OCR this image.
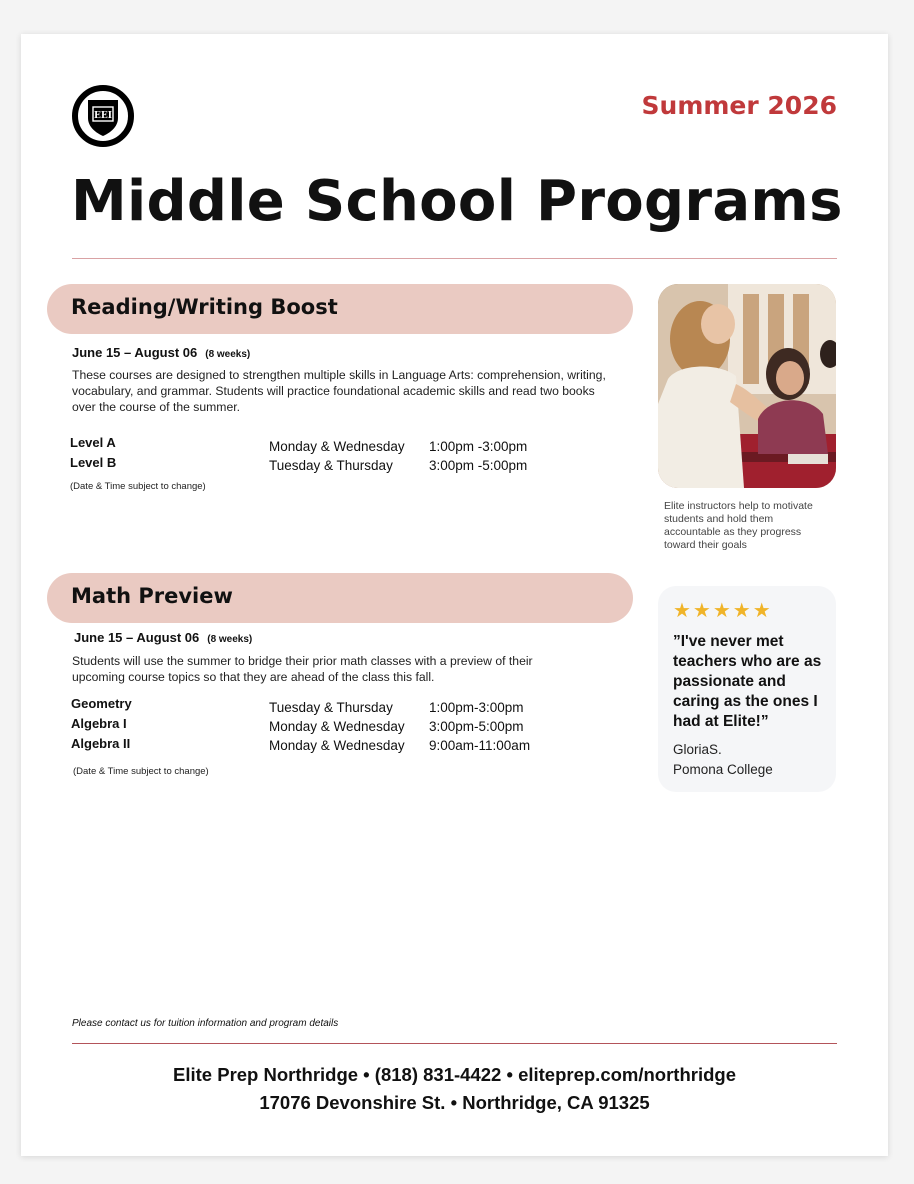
EEI	Summer 2026
Middle School Programs
Reading/Writing Boost
June 15 – August 06 (8 weeks)
These courses are designed to strengthen multiple skills in Language Arts: comprehension, writing, vocabulary, and grammar. Students will practice foundational academic skills and read two books over the course of the summer.
Level A
Level B
Monday & Wednesday
Tuesday & Thursday
1:00pm -3:00pm
3:00pm -5:00pm
(Date & Time subject to change)
Math Preview
June 15 – August 06 (8 weeks)
Students will use the summer to bridge their prior math classes with a preview of their upcoming course topics so that they are ahead of the class this fall.
Geometry
Algebra I
Algebra II
Tuesday & Thursday
Monday & Wednesday
Monday & Wednesday
1:00pm-3:00pm
3:00pm-5:00pm
9:00am-11:00am
(Date & Time subject to change)
Elite instructors help to motivate students and hold them accountable as they progress toward their goals
★★★★★
”I've never met teachers who are as passionate and caring as the ones I had at Elite!”
GloriaS.
Pomona College
Please contact us for tuition information and program details
Elite Prep Northridge • (818) 831-4422 • eliteprep.com/northridge
17076 Devonshire St. • Northridge, CA 91325
